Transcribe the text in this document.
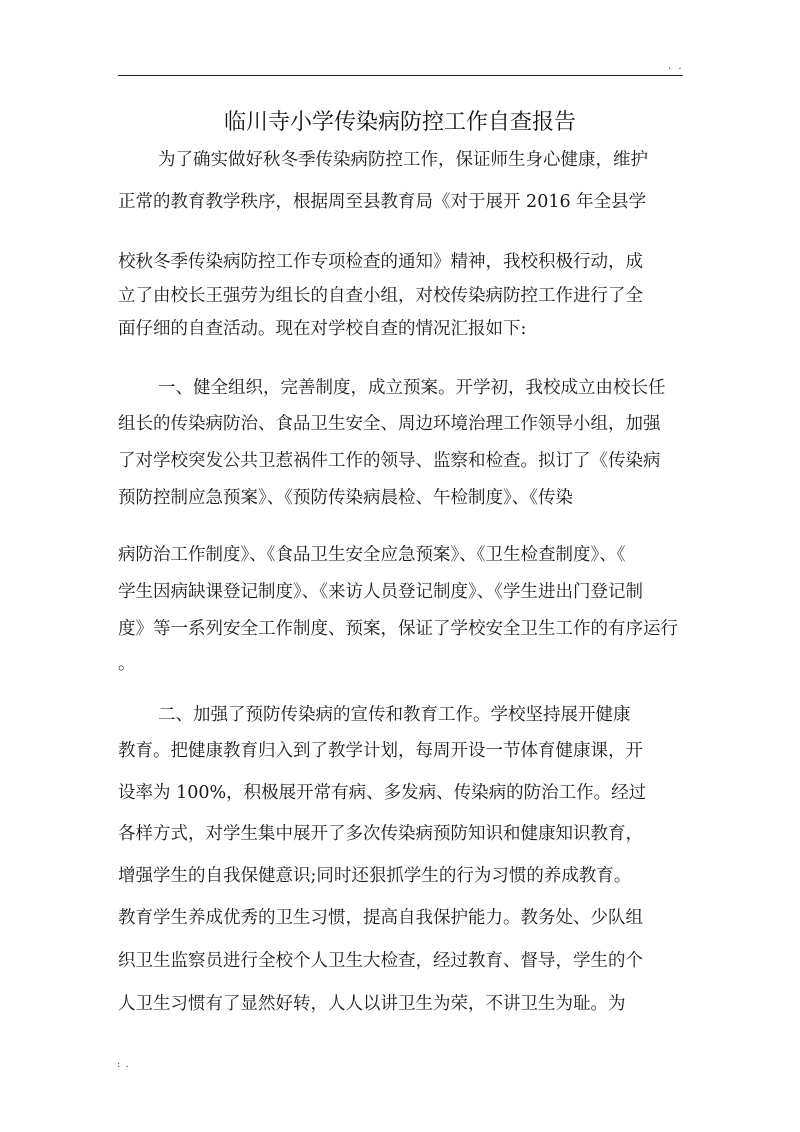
. .
临川寺小学传染病防控工作自查报告
为了确实做好秋冬季传染病防控工作，保证师生身心健康，维护
正常的教育教学秩序，根据周至县教育局《对于展开 2016 年全县学
校秋冬季传染病防控工作专项检查的通知》精神，我校积极行动，成
立了由校长王强劳为组长的自查小组，对校传染病防控工作进行了全
面仔细的自查活动。现在对学校自查的情况汇报如下:
一、健全组织，完善制度，成立预案。开学初，我校成立由校长任
组长的传染病防治、食品卫生安全、周边环境治理工作领导小组，加强
了对学校突发公共卫惹祸件工作的领导、监察和检查。拟订了《传染病
预防控制应急预案》、《预防传染病晨检、午检制度》、《传染
病防治工作制度》、《食品卫生安全应急预案》、《卫生检查制度》、《
学生因病缺课登记制度》、《来访人员登记制度》、《学生进出门登记制
度》等一系列安全工作制度、预案，保证了学校安全卫生工作的有序运行
。
二、加强了预防传染病的宣传和教育工作。学校坚持展开健康
教育。把健康教育归入到了教学计划，每周开设一节体育健康课，开
设率为 100%，积极展开常有病、多发病、传染病的防治工作。经过
各样方式，对学生集中展开了多次传染病预防知识和健康知识教育，
增强学生的自我保健意识;同时还狠抓学生的行为习惯的养成教育。
教育学生养成优秀的卫生习惯，提高自我保护能力。教务处、少队组
织卫生监察员进行全校个人卫生大检查，经过教育、督导，学生的个
人卫生习惯有了显然好转，人人以讲卫生为荣，不讲卫生为耻。为
: .
